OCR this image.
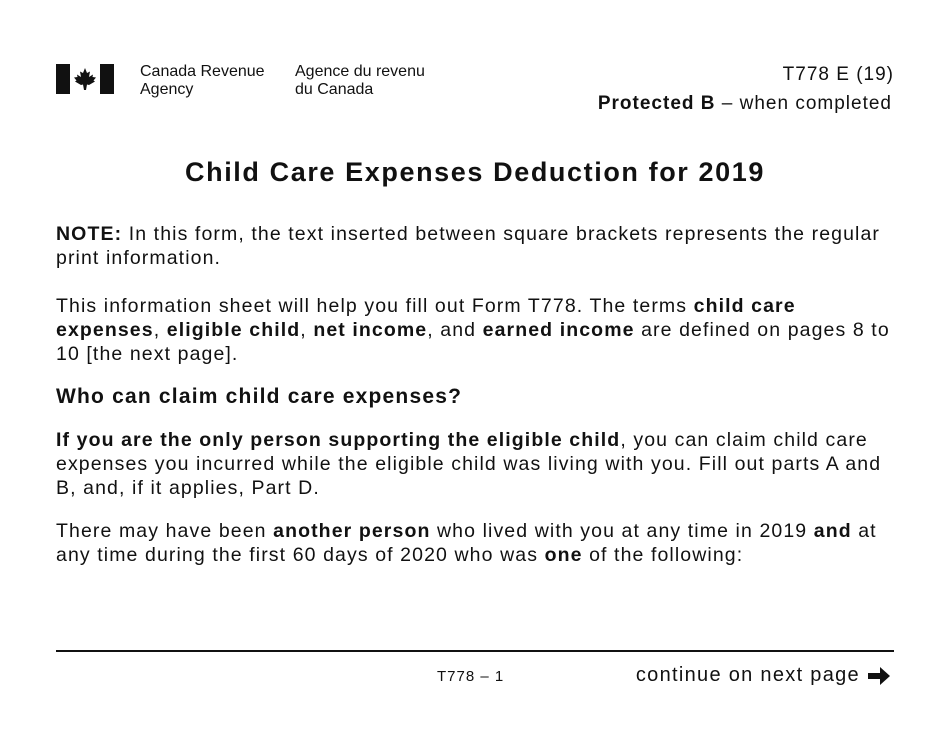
Canada Revenue
Agency
Agence du revenu
du Canada
T778 E (19)
Protected B – when completed
Child Care Expenses Deduction for 2019

NOTE: In this form, the text inserted between square brackets represents the regular print information.

This information sheet will help you fill out Form T778. The terms child care expenses, eligible child, net income, and earned income are defined on pages 8 to 10 [the next page].

Who can claim child care expenses?

If you are the only person supporting the eligible child, you can claim child care expenses you incurred while the eligible child was living with you. Fill out parts A and B, and, if it applies, Part D.

There may have been another person who lived with you at any time in 2019 and at any time during the first 60 days of 2020 who was one of the following:

T778 – 1	continue on next page
